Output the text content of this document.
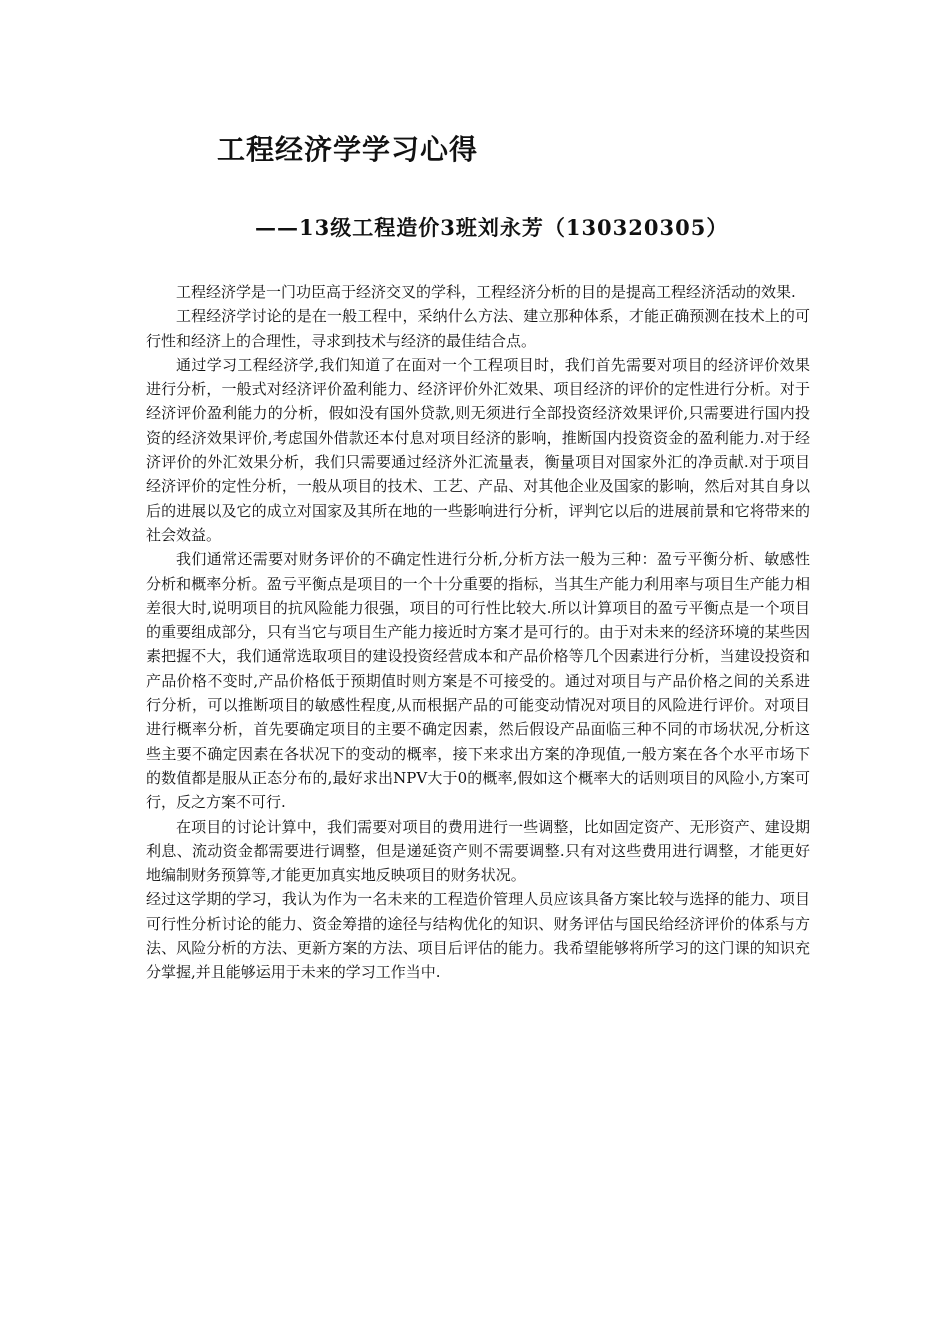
工程经济学学习心得
——13级工程造价3班刘永芳（130320305）

工程经济学是一门功臣高于经济交叉的学科，工程经济分析的目的是提高工程经济活动的效果.

工程经济学讨论的是在一般工程中，采纳什么方法、建立那种体系，才能正确预测在技术上的可行性和经济上的合理性，寻求到技术与经济的最佳结合点。

通过学习工程经济学,我们知道了在面对一个工程项目时，我们首先需要对项目的经济评价效果进行分析，一般式对经济评价盈利能力、经济评价外汇效果、项目经济的评价的定性进行分析。对于经济评价盈利能力的分析，假如没有国外贷款,则无须进行全部投资经济效果评价,只需要进行国内投资的经济效果评价,考虑国外借款还本付息对项目经济的影响，推断国内投资资金的盈利能力.对于经济评价的外汇效果分析，我们只需要通过经济外汇流量表，衡量项目对国家外汇的净贡献.对于项目经济评价的定性分析，一般从项目的技术、工艺、产品、对其他企业及国家的影响，然后对其自身以后的进展以及它的成立对国家及其所在地的一些影响进行分析，评判它以后的进展前景和它将带来的社会效益。

我们通常还需要对财务评价的不确定性进行分析,分析方法一般为三种：盈亏平衡分析、敏感性分析和概率分析。盈亏平衡点是项目的一个十分重要的指标，当其生产能力利用率与项目生产能力相差很大时,说明项目的抗风险能力很强，项目的可行性比较大.所以计算项目的盈亏平衡点是一个项目的重要组成部分，只有当它与项目生产能力接近时方案才是可行的。由于对未来的经济环境的某些因素把握不大，我们通常选取项目的建设投资经营成本和产品价格等几个因素进行分析，当建设投资和产品价格不变时,产品价格低于预期值时则方案是不可接受的。通过对项目与产品价格之间的关系进行分析，可以推断项目的敏感性程度,从而根据产品的可能变动情况对项目的风险进行评价。对项目进行概率分析，首先要确定项目的主要不确定因素，然后假设产品面临三种不同的市场状况,分析这些主要不确定因素在各状况下的变动的概率，接下来求出方案的净现值,一般方案在各个水平市场下的数值都是服从正态分布的,最好求出NPV大于0的概率,假如这个概率大的话则项目的风险小,方案可行，反之方案不可行.

在项目的讨论计算中，我们需要对项目的费用进行一些调整，比如固定资产、无形资产、建设期利息、流动资金都需要进行调整，但是递延资产则不需要调整.只有对这些费用进行调整，才能更好地编制财务预算等,才能更加真实地反映项目的财务状况。

经过这学期的学习，我认为作为一名未来的工程造价管理人员应该具备方案比较与选择的能力、项目可行性分析讨论的能力、资金筹措的途径与结构优化的知识、财务评估与国民给经济评价的体系与方法、风险分析的方法、更新方案的方法、项目后评估的能力。我希望能够将所学习的这门课的知识充分掌握,并且能够运用于未来的学习工作当中.
